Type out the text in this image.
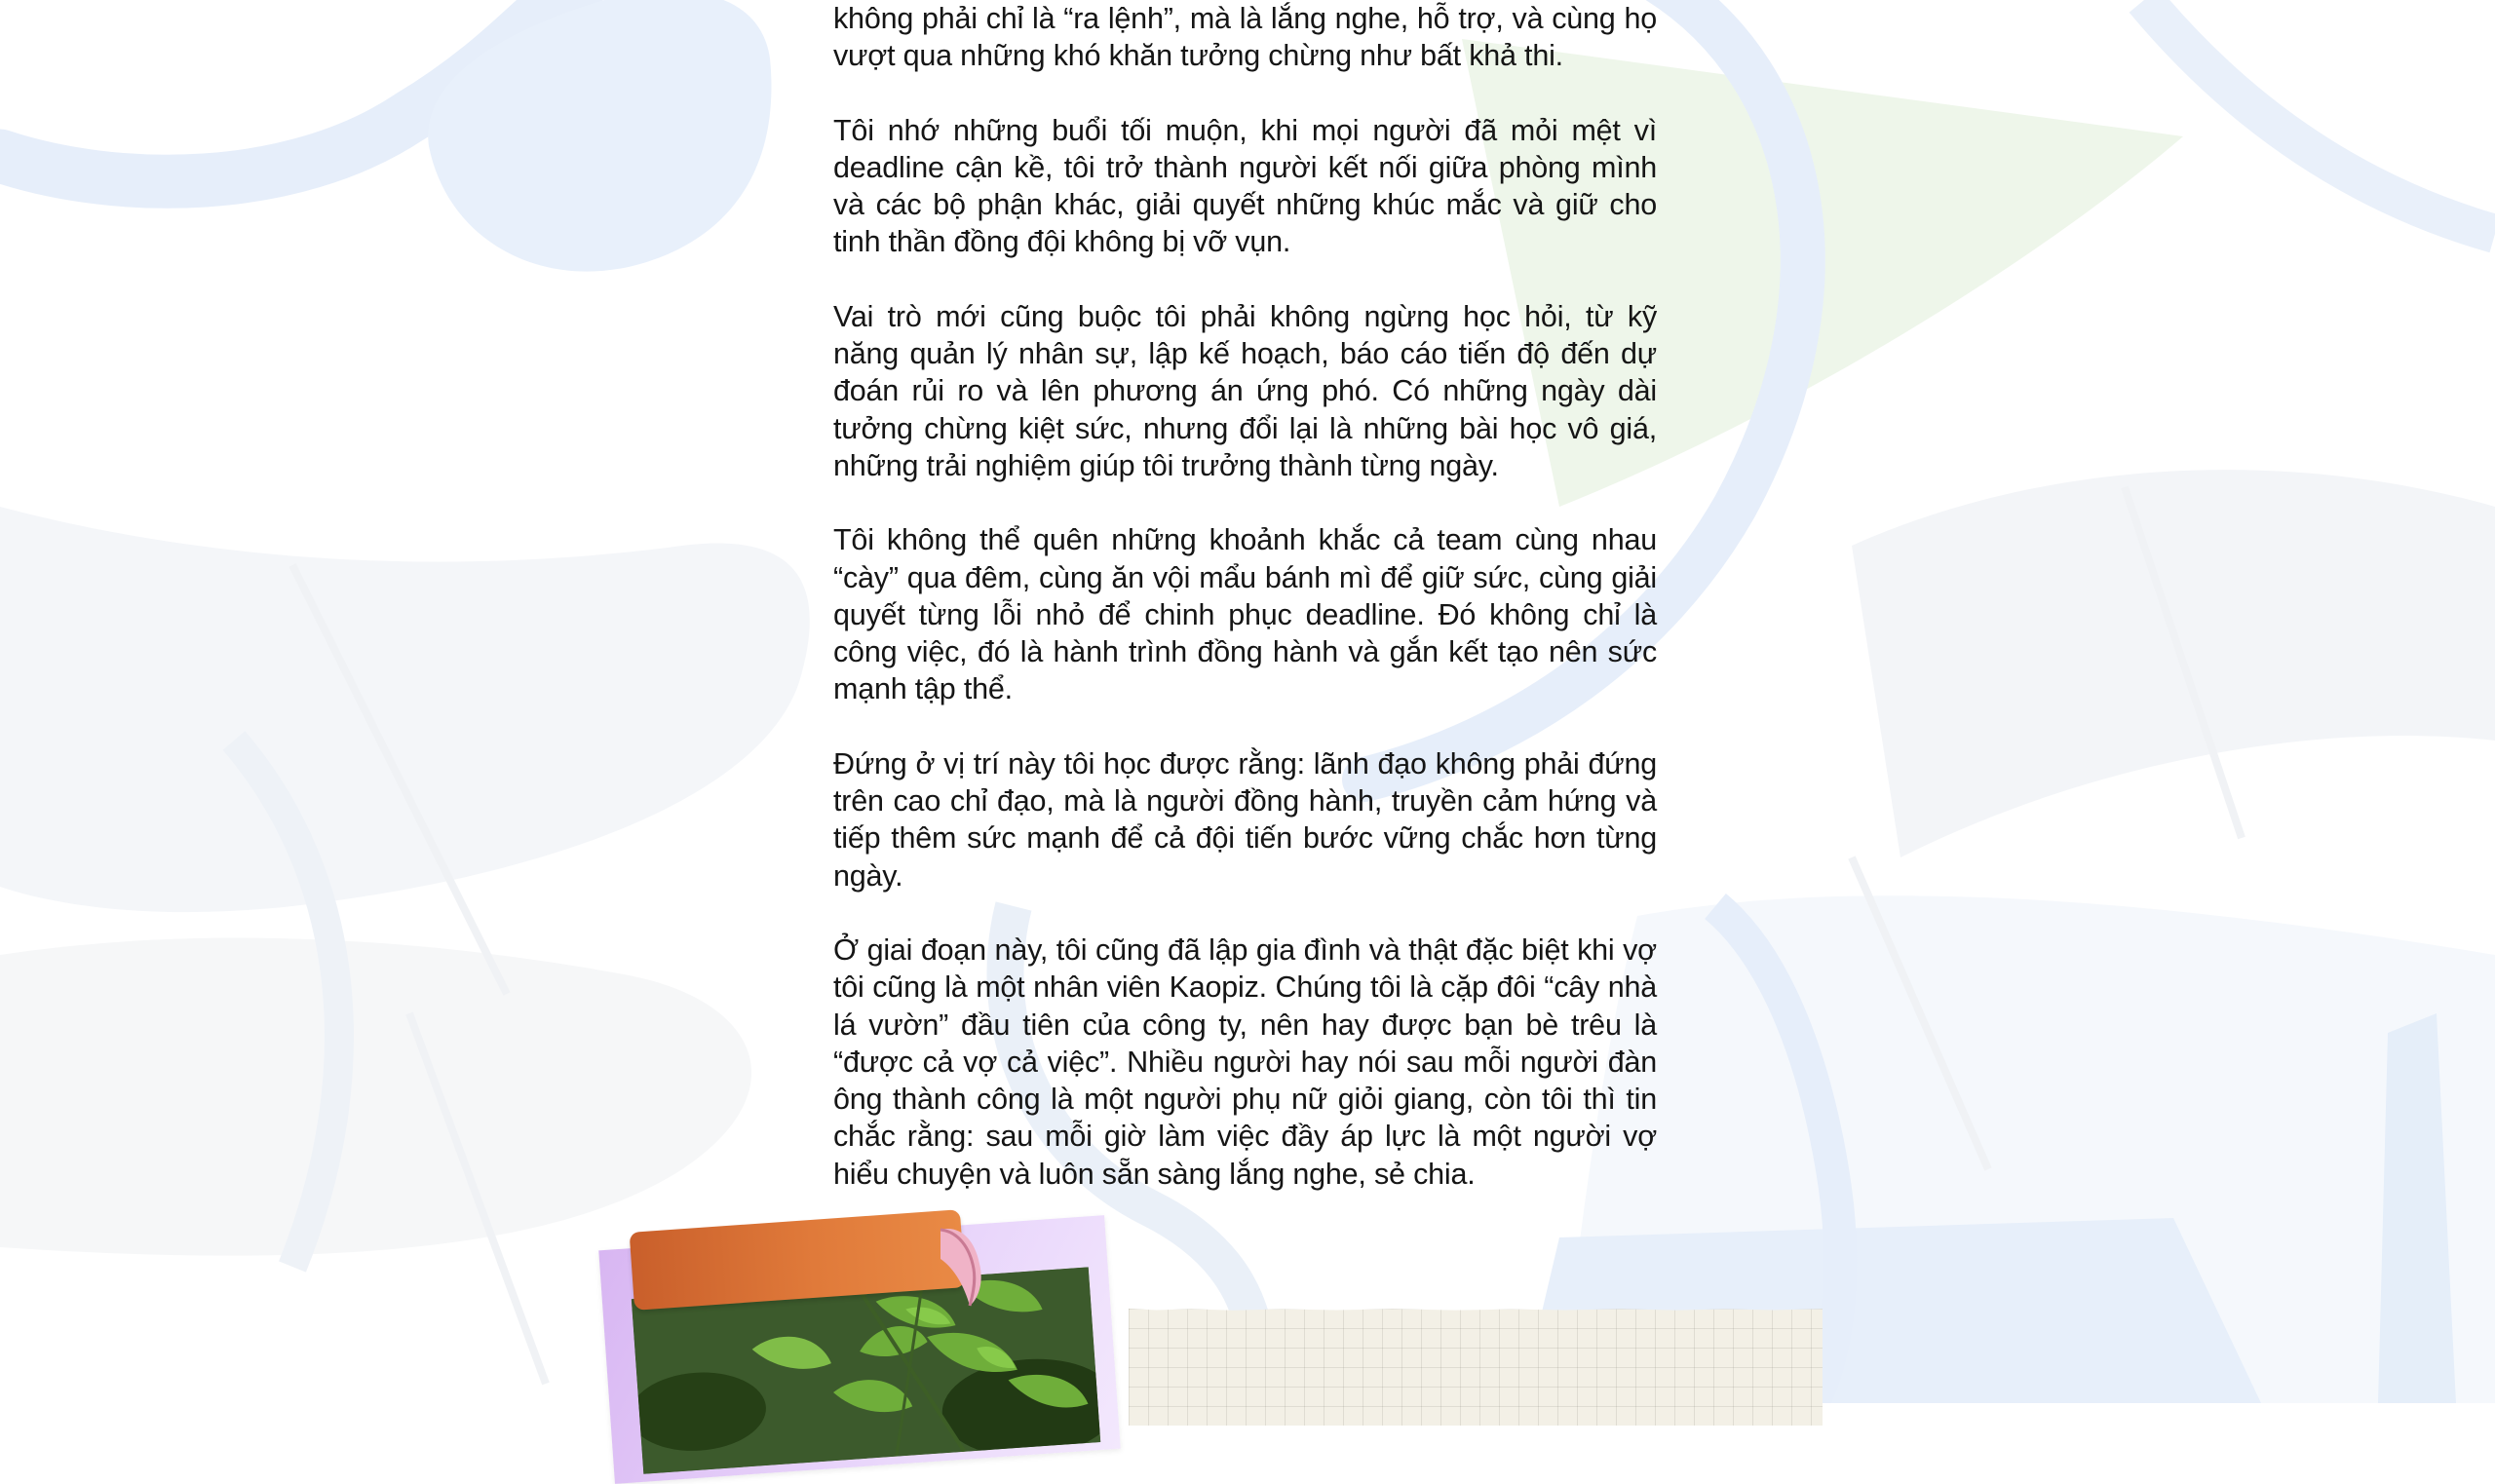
không phải chỉ là “ra lệnh”, mà là lắng nghe, hỗ trợ, và cùng họ vượt qua những khó khăn tưởng chừng như bất khả thi.

Tôi nhớ những buổi tối muộn, khi mọi người đã mỏi mệt vì deadline cận kề, tôi trở thành người kết nối giữa phòng mình và các bộ phận khác, giải quyết những khúc mắc và giữ cho tinh thần đồng đội không bị vỡ vụn.

Vai trò mới cũng buộc tôi phải không ngừng học hỏi, từ kỹ năng quản lý nhân sự, lập kế hoạch, báo cáo tiến độ đến dự đoán rủi ro và lên phương án ứng phó. Có những ngày dài tưởng chừng kiệt sức, nhưng đổi lại là những bài học vô giá, những trải nghiệm giúp tôi trưởng thành từng ngày.

Tôi không thể quên những khoảnh khắc cả team cùng nhau “cày” qua đêm, cùng ăn vội mẩu bánh mì để giữ sức, cùng giải quyết từng lỗi nhỏ để chinh phục deadline. Đó không chỉ là công việc, đó là hành trình đồng hành và gắn kết tạo nên sức mạnh tập thể.

Đứng ở vị trí này tôi học được rằng: lãnh đạo không phải đứng trên cao chỉ đạo, mà là người đồng hành, truyền cảm hứng và tiếp thêm sức mạnh để cả đội tiến bước vững chắc hơn từng ngày.

Ở giai đoạn này, tôi cũng đã lập gia đình và thật đặc biệt khi vợ tôi cũng là một nhân viên Kaopiz. Chúng tôi là cặp đôi “cây nhà lá vườn” đầu tiên của công ty, nên hay được bạn bè trêu là “được cả vợ cả việc”. Nhiều người hay nói sau mỗi người đàn ông thành công là một người phụ nữ giỏi giang, còn tôi thì tin chắc rằng: sau mỗi giờ làm việc đầy áp lực là một người vợ hiểu chuyện và luôn sẵn sàng lắng nghe, sẻ chia.
